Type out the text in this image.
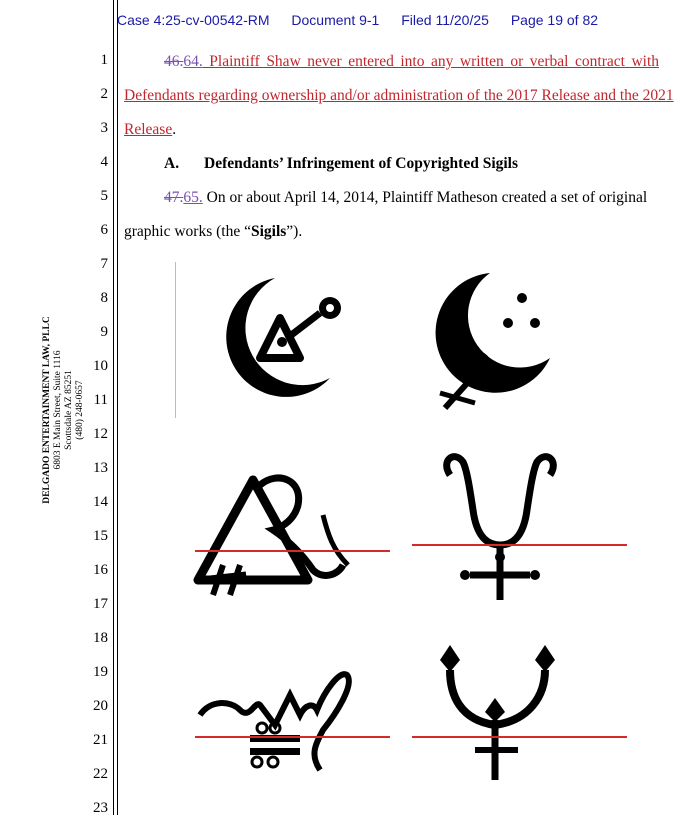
Case 4:25-cv-00542-RM Document 9-1 Filed 11/20/25 Page 19 of 82
1
2
3
4
5
6
7
8
9
10
11
12
13
14
15
16
17
18
19
20
21
22
23
46.64. Plaintiff Shaw never entered into any written or verbal contract with
Defendants regarding ownership and/or administration of the 2017 Release and the 2021
Release.
A. Defendants’ Infringement of Copyrighted Sigils
47.65. On or about April 14, 2014, Plaintiff Matheson created a set of original
graphic works (the “Sigils”).
DELGADO ENTERTAINMENT LAW, PLLC 6803 E Main Street, Suite 1116 Scottsdale AZ 85251 (480) 248-0657
